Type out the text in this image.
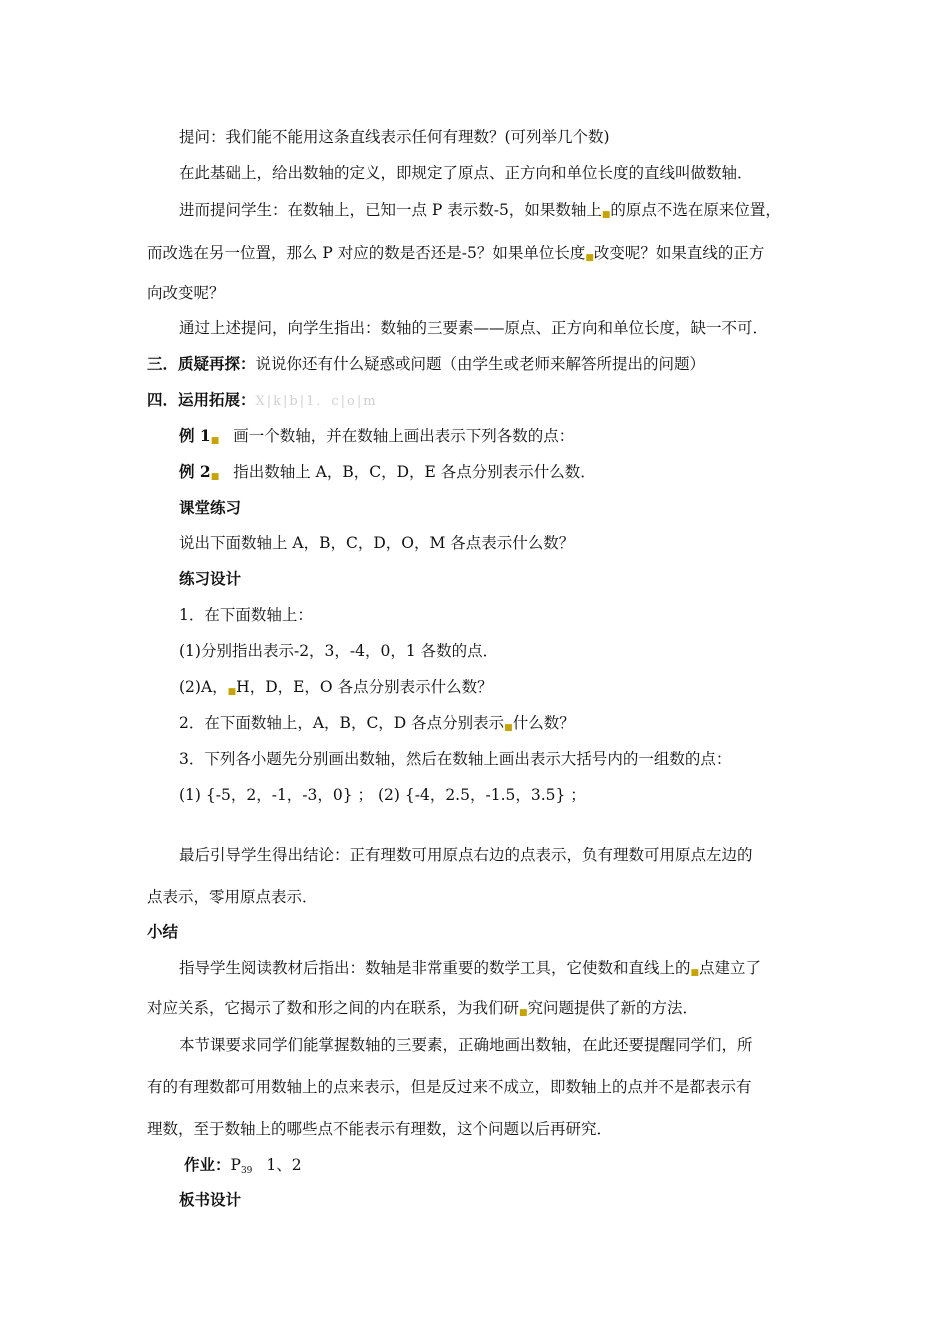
提问：我们能不能用这条直线表示任何有理数？(可列举几个数)
在此基础上，给出数轴的定义，即规定了原点、正方向和单位长度的直线叫做数轴．
进而提问学生：在数轴上，已知一点 P 表示数-5，如果数轴上■的原点不选在原来位置，
而改选在另一位置，那么 P 对应的数是否还是-5？如果单位长度■改变呢？如果直线的正方
向改变呢？
通过上述提问，向学生指出：数轴的三要素——原点、正方向和单位长度，缺一不可．
三．质疑再探：说说你还有什么疑惑或问题（由学生或老师来解答所提出的问题）
四．运用拓展：X|k|b|1．c|o|m
例 1■ 画一个数轴，并在数轴上画出表示下列各数的点：
例 2■ 指出数轴上 A，B，C，D，E 各点分别表示什么数．
课堂练习
说出下面数轴上 A，B，C，D，O，M 各点表示什么数？
练习设计
1．在下面数轴上：
(1)分别指出表示-2，3，-4，0，1 各数的点．
(2)A，■H，D，E，O 各点分别表示什么数？
2．在下面数轴上，A，B，C，D 各点分别表示■什么数？
3．下列各小题先分别画出数轴，然后在数轴上画出表示大括号内的一组数的点：
(1) {-5，2，-1，-3，0} ； (2) {-4，2.5，-1.5，3.5} ；
最后引导学生得出结论：正有理数可用原点右边的点表示，负有理数可用原点左边的
点表示，零用原点表示．
小结
指导学生阅读教材后指出：数轴是非常重要的数学工具，它使数和直线上的■点建立了
对应关系，它揭示了数和形之间的内在联系，为我们研■究问题提供了新的方法．
本节课要求同学们能掌握数轴的三要素，正确地画出数轴，在此还要提醒同学们，所
有的有理数都可用数轴上的点来表示，但是反过来不成立，即数轴上的点并不是都表示有
理数，至于数轴上的哪些点不能表示有理数，这个问题以后再研究．
作业：$P_{39}$ 1、2
板书设计
